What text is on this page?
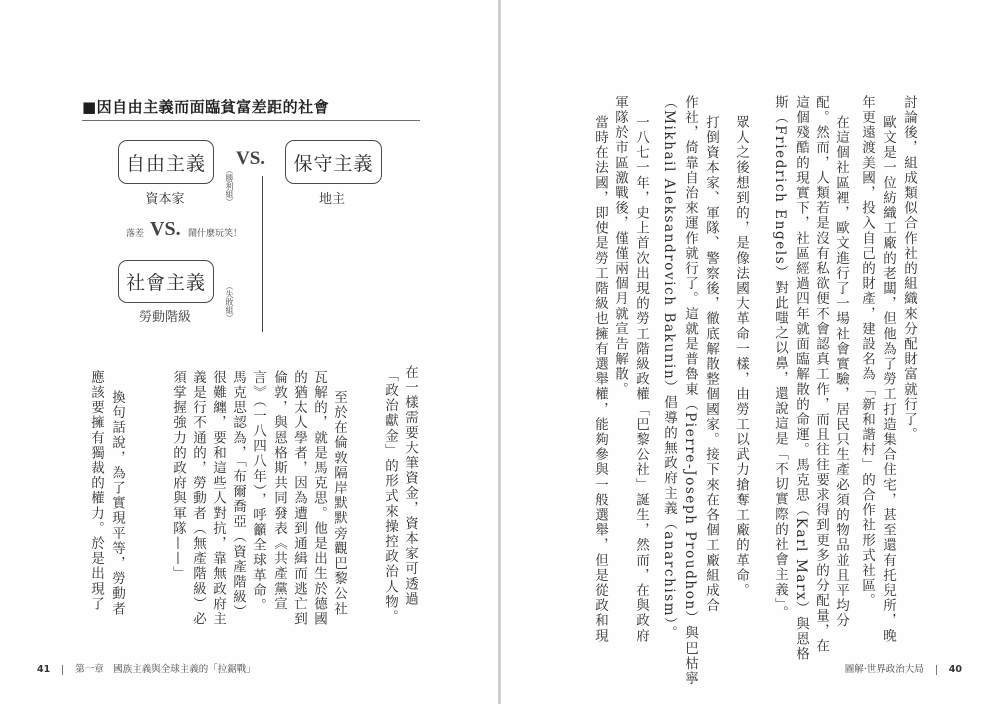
■因自由主義而面臨貧富差距的社會
自由主義	VS.	保守主義
資本家	地主
（勝利組）
落差 VS. 鬧什麼玩笑！
社會主義
勞動階級	（失敗組）
在一樣需要大筆資金，資本家可透過
「政治獻金」的形式來操控政治人物。
至於在倫敦隔岸默默旁觀巴黎公社
瓦解的，就是馬克思。他是出生於德國
的猶太人學者，因為遭到通緝而逃亡到
倫敦，與恩格斯共同發表《共產黨宣
言》（一八四八年），呼籲全球革命。
馬克思認為，「布爾喬亞（資產階級）
很難纏，要和這些人對抗，靠無政府主
義是行不通的，勞動者（無產階級）必
須掌握強力的政府與軍隊——」
換句話說，為了實現平等，勞動者
應該要擁有獨裁的權力。於是出現了
41	第一章　國族主義與全球主義的「拉鋸戰」
討論後，組成類似合作社的組織來分配財富就行了。
歐文是一位紡織工廠的老闆，但他為了勞工打造集合住宅，甚至還有托兒所，晚
年更遠渡美國，投入自己的財產，建設名為「新和諧村」的合作社形式社區。
在這個社區裡，歐文進行了一場社會實驗，居民只生產必須的物品並且平均分
配。然而，人類若是沒有私欲便不會認真工作，而且往往要求得到更多的分配量，在
這個殘酷的現實下，社區經過四年就面臨解散的命運。馬克思（Karl Marx）與恩格
斯（Friedrich Engels）對此嗤之以鼻，還說這是「不切實際的社會主義」。
眾人之後想到的，是像法國大革命一樣，由勞工以武力搶奪工廠的革命。
打倒資本家、軍隊、警察後，徹底解散整個國家。接下來在各個工廠組成合
作社，倚靠自治來運作就行了。這就是普魯東（Pierre-Joseph Proudhon）與巴枯寧
（Mikhail Aleksandrovich Bakunin）倡導的無政府主義（anarchism）。
一八七一年，史上首次出現的勞工階級政權「巴黎公社」誕生，然而，在與政府
軍隊於市區激戰後，僅僅兩個月就宣告解散。
當時在法國，即使是勞工階級也擁有選舉權，能夠參與一般選舉，但是從政和現
圖解‧世界政治大局	40
